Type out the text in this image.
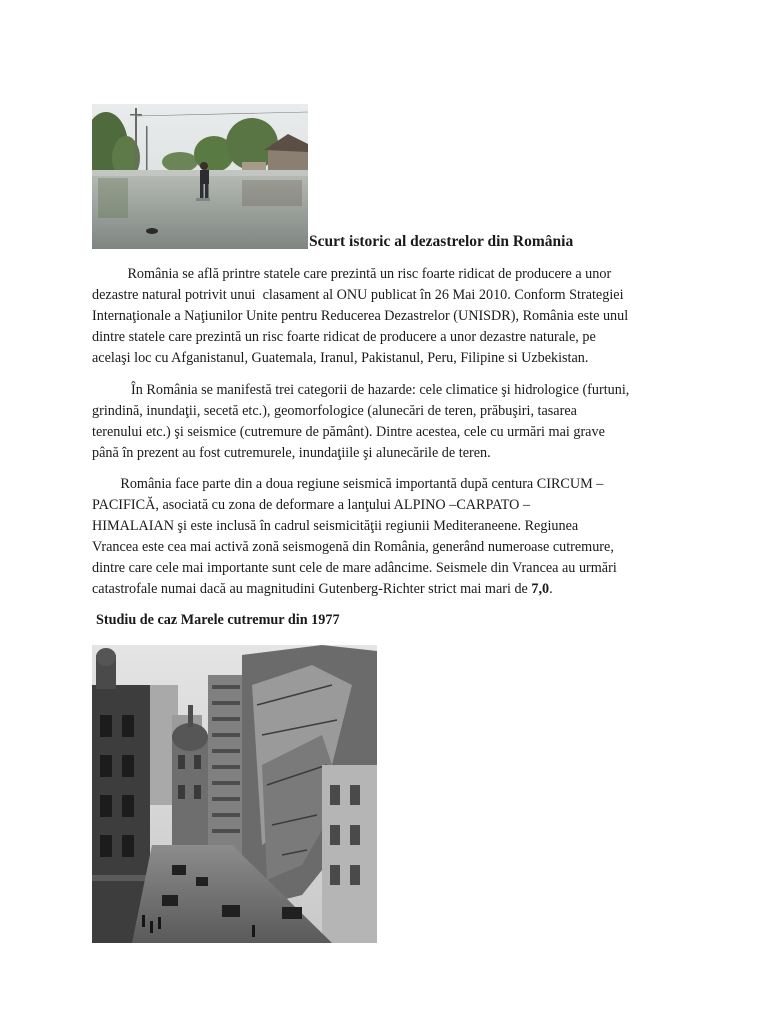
Scurt istoric al dezastrelor din România

România se află printre statele care prezintă un risc foarte ridicat de producere a unor
dezastre natural potrivit unui  clasament al ONU publicat în 26 Mai 2010. Conform Strategiei
Internaţionale a Naţiunilor Unite pentru Reducerea Dezastrelor (UNISDR), România este unul
dintre statele care prezintă un risc foarte ridicat de producere a unor dezastre naturale, pe
acelaşi loc cu Afganistanul, Guatemala, Iranul, Pakistanul, Peru, Filipine si Uzbekistan.

În România se manifestă trei categorii de hazarde: cele climatice şi hidrologice (furtuni,
grindină, inundaţii, secetă etc.), geomorfologice (alunecări de teren, prăbuşiri, tasarea
terenului etc.) şi seismice (cutremure de pământ). Dintre acestea, cele cu urmări mai grave
până în prezent au fost cutremurele, inundaţiile şi alunecările de teren.

România face parte din a doua regiune seismică importantă după centura CIRCUM –
PACIFICĂ, asociată cu zona de deformare a lanţului ALPINO –CARPATO –
HIMALAIAN şi este inclusă în cadrul seismicităţii regiunii Mediteraneene. Regiunea
Vrancea este cea mai activă zonă seismogenă din România, generând numeroase cutremure,
dintre care cele mai importante sunt cele de mare adâncime. Seismele din Vrancea au urmări
catastrofale numai dacă au magnitudini Gutenberg-Richter strict mai mari de 7,0.

Studiu de caz Marele cutremur din 1977
